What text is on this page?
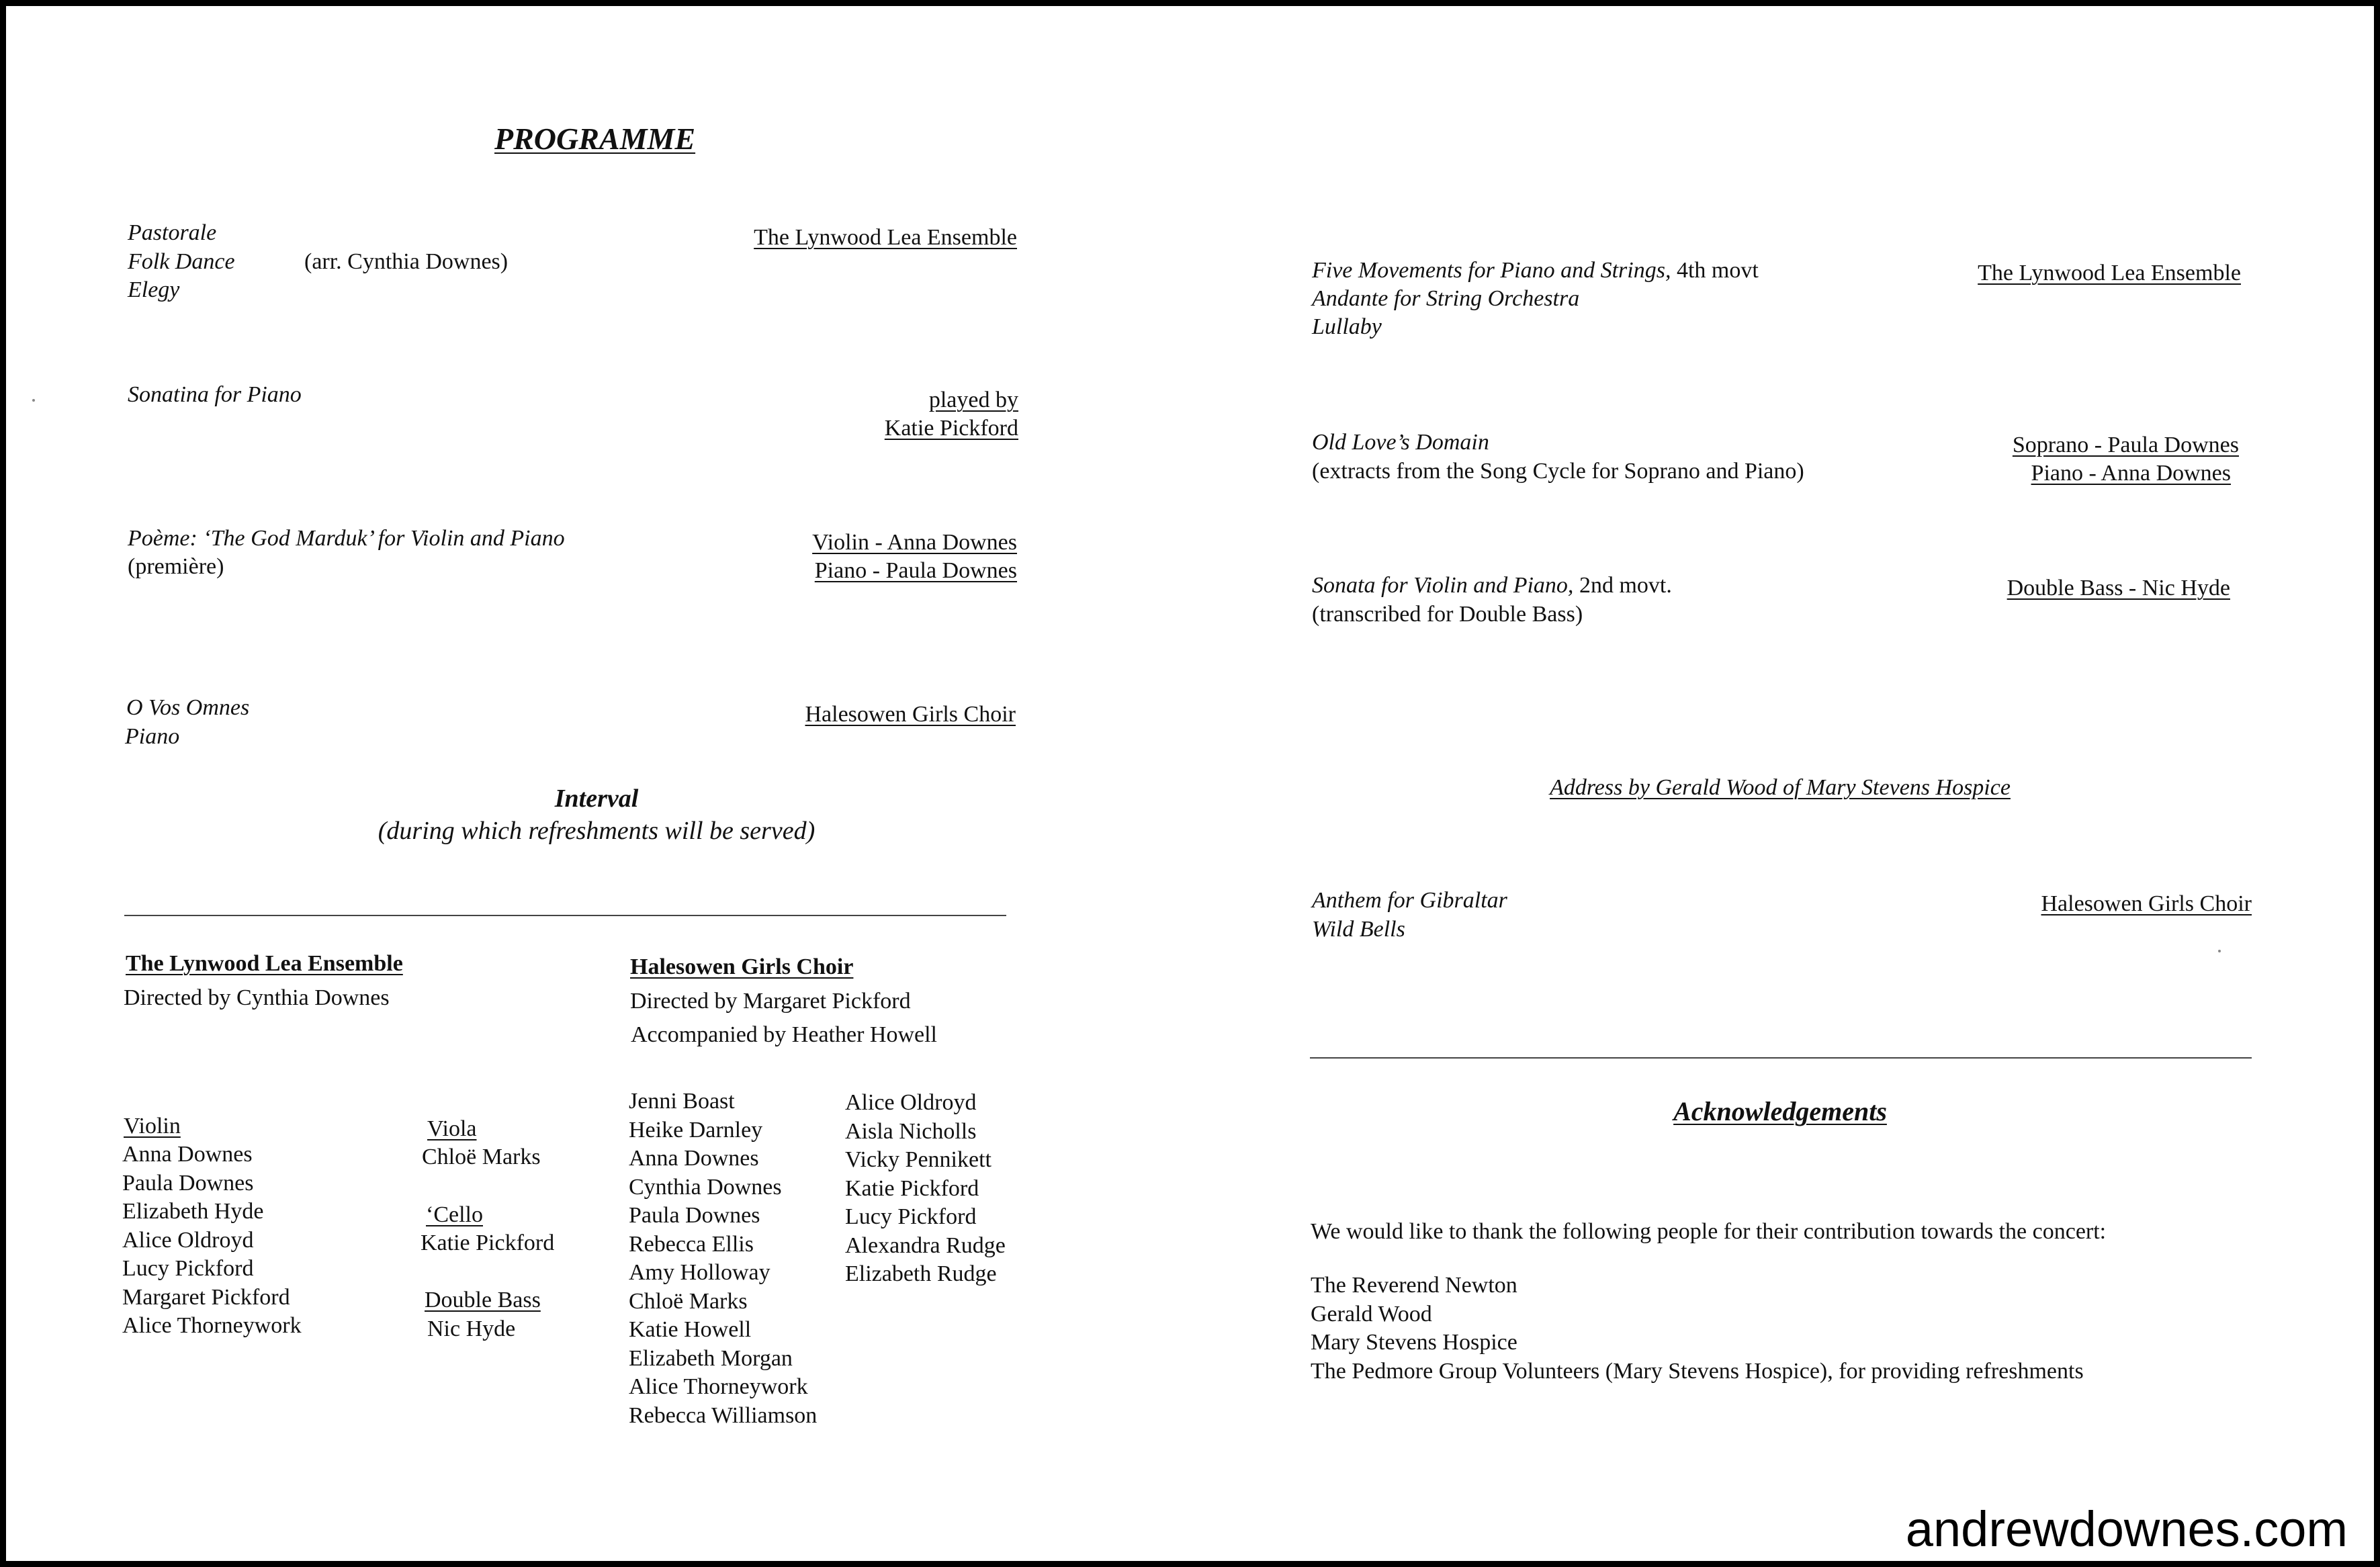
PROGRAMME
Pastorale
Folk Dance
Elegy
(arr. Cynthia Downes)
The Lynwood Lea Ensemble
Sonatina for Piano	played by
Katie Pickford
Poème: ‘The God Marduk’ for Violin and Piano
(première)
Violin - Anna Downes
Piano - Paula Downes
O Vos Omnes
Piano
Halesowen Girls Choir
Interval
(during which refreshments will be served)
The Lynwood Lea Ensemble
Directed by Cynthia Downes
Violin
Anna Downes
Paula Downes
Elizabeth Hyde
Alice Oldroyd
Lucy Pickford
Margaret Pickford
Alice Thorneywork
Viola
Chloë Marks
‘Cello
Katie Pickford
Double Bass
Nic Hyde
Halesowen Girls Choir
Directed by Margaret Pickford
Accompanied by Heather Howell
Jenni Boast
Heike Darnley
Anna Downes
Cynthia Downes
Paula Downes
Rebecca Ellis
Amy Holloway
Chloë Marks
Katie Howell
Elizabeth Morgan
Alice Thorneywork
Rebecca Williamson
Alice Oldroyd
Aisla Nicholls
Vicky Pennikett
Katie Pickford
Lucy Pickford
Alexandra Rudge
Elizabeth Rudge
Five Movements for Piano and Strings, 4th movt
Andante for String Orchestra
Lullaby
The Lynwood Lea Ensemble
Old Love’s Domain
(extracts from the Song Cycle for Soprano and Piano)
Soprano - Paula Downes
Piano - Anna Downes
Sonata for Violin and Piano, 2nd movt.
(transcribed for Double Bass)
Double Bass - Nic Hyde
Address by Gerald Wood of Mary Stevens Hospice
Anthem for Gibraltar
Wild Bells
Halesowen Girls Choir
Acknowledgements
We would like to thank the following people for their contribution towards the concert:
The Reverend Newton
Gerald Wood
Mary Stevens Hospice
The Pedmore Group Volunteers (Mary Stevens Hospice), for providing refreshments
andrewdownes.com
